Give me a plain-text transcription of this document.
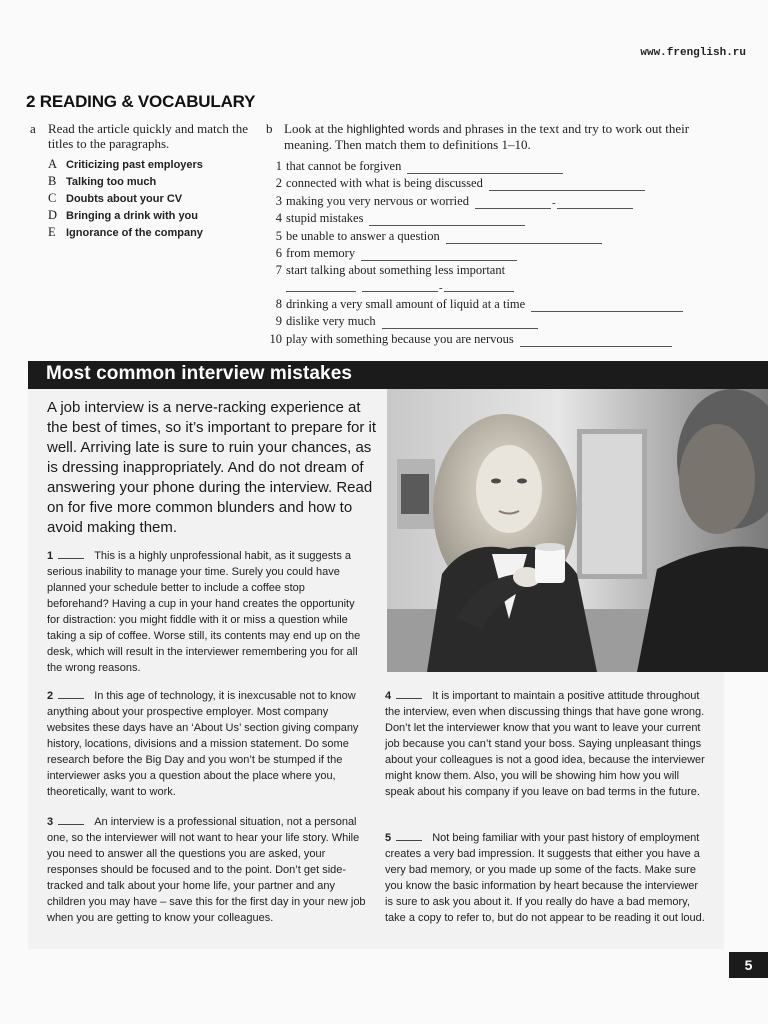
www.frenglish.ru
2 READING & VOCABULARY
a Read the article quickly and match the titles to the paragraphs.
A Criticizing past employers
B Talking too much
C Doubts about your CV
D Bringing a drink with you
E Ignorance of the company
b Look at the highlighted words and phrases in the text and try to work out their meaning. Then match them to definitions 1–10.
1 that cannot be forgiven
2 connected with what is being discussed
3 making you very nervous or worried	-
4 stupid mistakes
5 be unable to answer a question
6 from memory
7 start talking about something less important
-
8 drinking a very small amount of liquid at a time
9 dislike very much
10 play with something because you are nervous
Most common interview mistakes
A job interview is a nerve-racking experience at the best of times, so it’s important to prepare for it well. Arriving late is sure to ruin your chances, as is dressing inappropriately. And do not dream of answering your phone during the interview. Read on for five more common blunders and how to avoid making them.
1	This is a highly unprofessional habit, as it suggests a serious inability to manage your time. Surely you could have planned your schedule better to include a coffee stop beforehand? Having a cup in your hand creates the opportunity for distraction: you might fiddle with it or miss a question while taking a sip of coffee. Worse still, its contents may end up on the desk, which will result in the interviewer remembering you for all the wrong reasons.
2	In this age of technology, it is inexcusable not to know anything about your prospective employer. Most company websites these days have an ‘About Us’ section giving company history, locations, divisions and a mission statement. Do some research before the Big Day and you won’t be stumped if the interviewer asks you a question about the place where you, theoretically, want to work.
3	An interview is a professional situation, not a personal one, so the interviewer will not want to hear your life story. While you need to answer all the questions you are asked, your responses should be focused and to the point. Don’t get side-tracked and talk about your home life, your partner and any children you may have – save this for the first day in your new job when you are getting to know your colleagues.
4	It is important to maintain a positive attitude throughout the interview, even when discussing things that have gone wrong. Don’t let the interviewer know that you want to leave your current job because you can’t stand your boss. Saying unpleasant things about your colleagues is not a good idea, because the interviewer might know them. Also, you will be showing him how you will speak about his company if you leave on bad terms in the future.
5	Not being familiar with your past history of employment creates a very bad impression. It suggests that either you have a very bad memory, or you made up some of the facts. Make sure you know the basic information by heart because the interviewer is sure to ask you about it. If you really do have a bad memory, take a copy to refer to, but do not appear to be reading it out loud.
5
